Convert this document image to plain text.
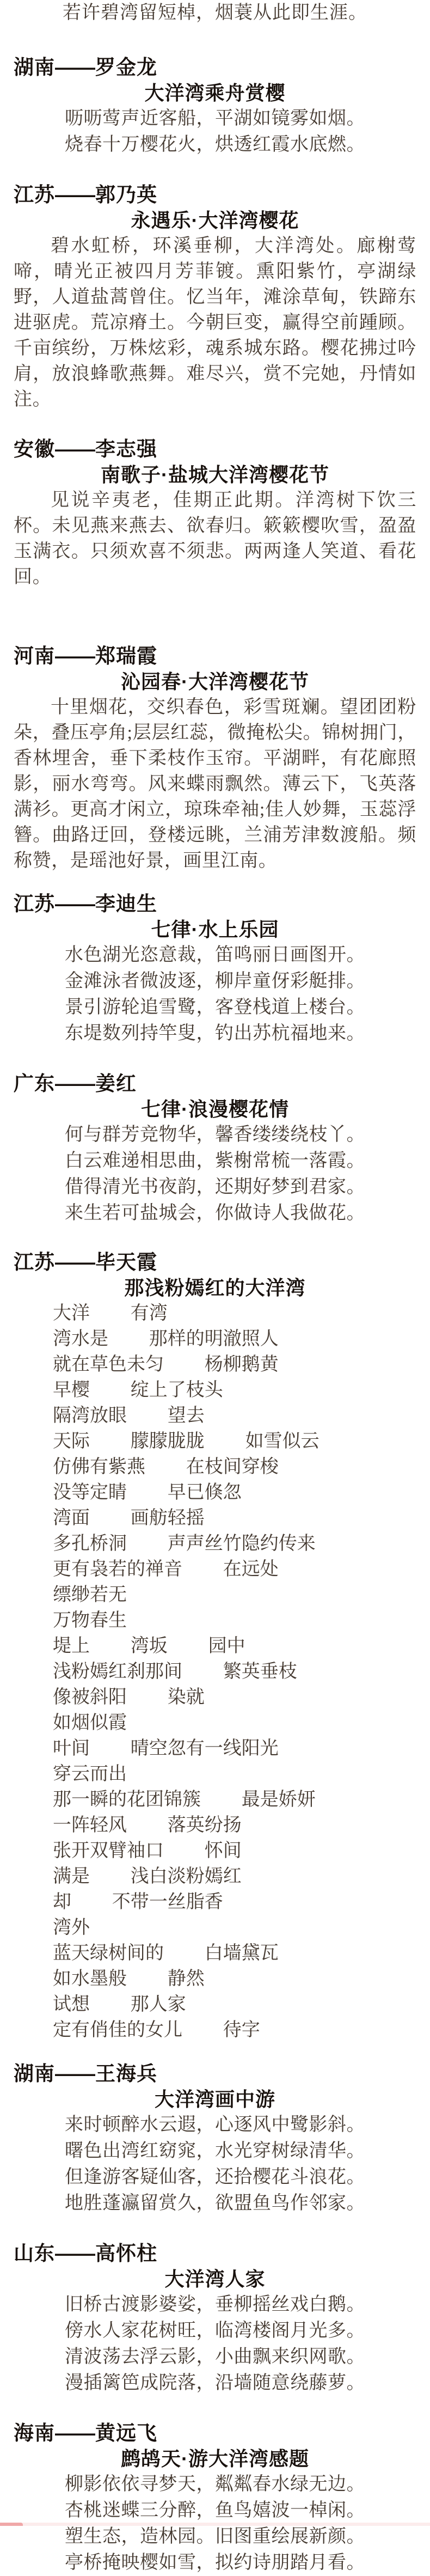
若许碧湾留短棹，烟蓑从此即生涯。
湖南——罗金龙
大洋湾乘舟赏樱
呖呖莺声近客船，平湖如镜雾如烟。
烧春十万樱花火，烘透红霞水底燃。
江苏——郭乃英
永遇乐·大洋湾樱花
碧水虹桥，环溪垂柳，大洋湾处。廊榭莺啼，晴光正被四月芳菲镀。熏阳紫竹，亭湖绿野，人道盐蒿曾住。忆当年，滩涂草甸，铁蹄东进驱虎。荒凉瘠土。今朝巨变，赢得空前踵顾。千亩缤纷，万株炫彩，魂系城东路。樱花拂过吟肩，放浪蜂歌燕舞。难尽兴，赏不完她，丹情如注。
安徽——李志强
南歌子·盐城大洋湾樱花节
见说辛夷老，佳期正此期。洋湾树下饮三杯。未见燕来燕去、欲春归。簌簌樱吹雪，盈盈玉满衣。只须欢喜不须悲。两两逢人笑道、看花回。
河南——郑瑞霞
沁园春·大洋湾樱花节
十里烟花，交织春色，彩雪斑斓。望团团粉朵，叠压亭角;层层红蕊，微掩松尖。锦树拥门，香林埋舍，垂下柔枝作玉帘。平湖畔，有花廊照影，丽水弯弯。风来蝶雨飘然。薄云下，飞英落满衫。更高才闲立，琼珠牵袖;佳人妙舞，玉蕊浮簪。曲路迂回，登楼远眺，兰浦芳津数渡船。频称赞，是瑶池好景，画里江南。
江苏——李迪生
七律·水上乐园
水色湖光恣意裁，笛鸣丽日画图开。
金滩泳者微波逐，柳岸童伢彩艇排。
景引游轮追雪鹭，客登栈道上楼台。
东堤数列持竿叟，钓出苏杭福地来。
广东——姜红
七律·浪漫樱花情
何与群芳竞物华，馨香缕缕绕枝丫。
白云难递相思曲，紫榭常梳一落霞。
借得清光书夜韵，还期好梦到君家。
来生若可盐城会，你做诗人我做花。
江苏——毕天霞
那浅粉嫣红的大洋湾
大洋 有湾
湾水是 那样的明澈照人
就在草色未匀 杨柳鹅黄
早樱 绽上了枝头
隔湾放眼 望去
天际 朦朦胧胧 如雪似云
仿佛有紫燕 在枝间穿梭
没等定睛 早已倏忽
湾面 画舫轻摇
多孔桥洞 声声丝竹隐约传来
更有袅若的禅音 在远处
缥缈若无
万物春生
堤上 湾坂 园中
浅粉嫣红刹那间 繁英垂枝
像被斜阳 染就
如烟似霞
叶间 晴空忽有一线阳光
穿云而出
那一瞬的花团锦簇 最是娇妍
一阵轻风 落英纷扬
张开双臂袖口 怀间
满是 浅白淡粉嫣红
却 不带一丝脂香
湾外
蓝天绿树间的 白墙黛瓦
如水墨般 静然
试想 那人家
定有俏佳的女儿 待字
湖南——王海兵
大洋湾画中游
来时顿醉水云遐，心逐风中鹭影斜。
曙色出湾红窈窕，水光穿树绿清华。
但逢游客疑仙客，还拾樱花斗浪花。
地胜蓬瀛留赏久，欲盟鱼鸟作邻家。
山东——高怀柱
大洋湾人家
旧桥古渡影婆娑，垂柳摇丝戏白鹅。
傍水人家花树旺，临湾楼阁月光多。
清波荡去浮云影，小曲飘来织网歌。
漫插篱笆成院落，沿墙随意绕藤萝。
海南——黄远飞
鹧鸪天·游大洋湾感题
柳影依依寻梦天，粼粼春水绿无边。
杏桃迷蝶三分醉，鱼鸟嬉波一棹闲。
塑生态，造林园。旧图重绘展新颜。
亭桥掩映樱如雪，拟约诗朋踏月看。
